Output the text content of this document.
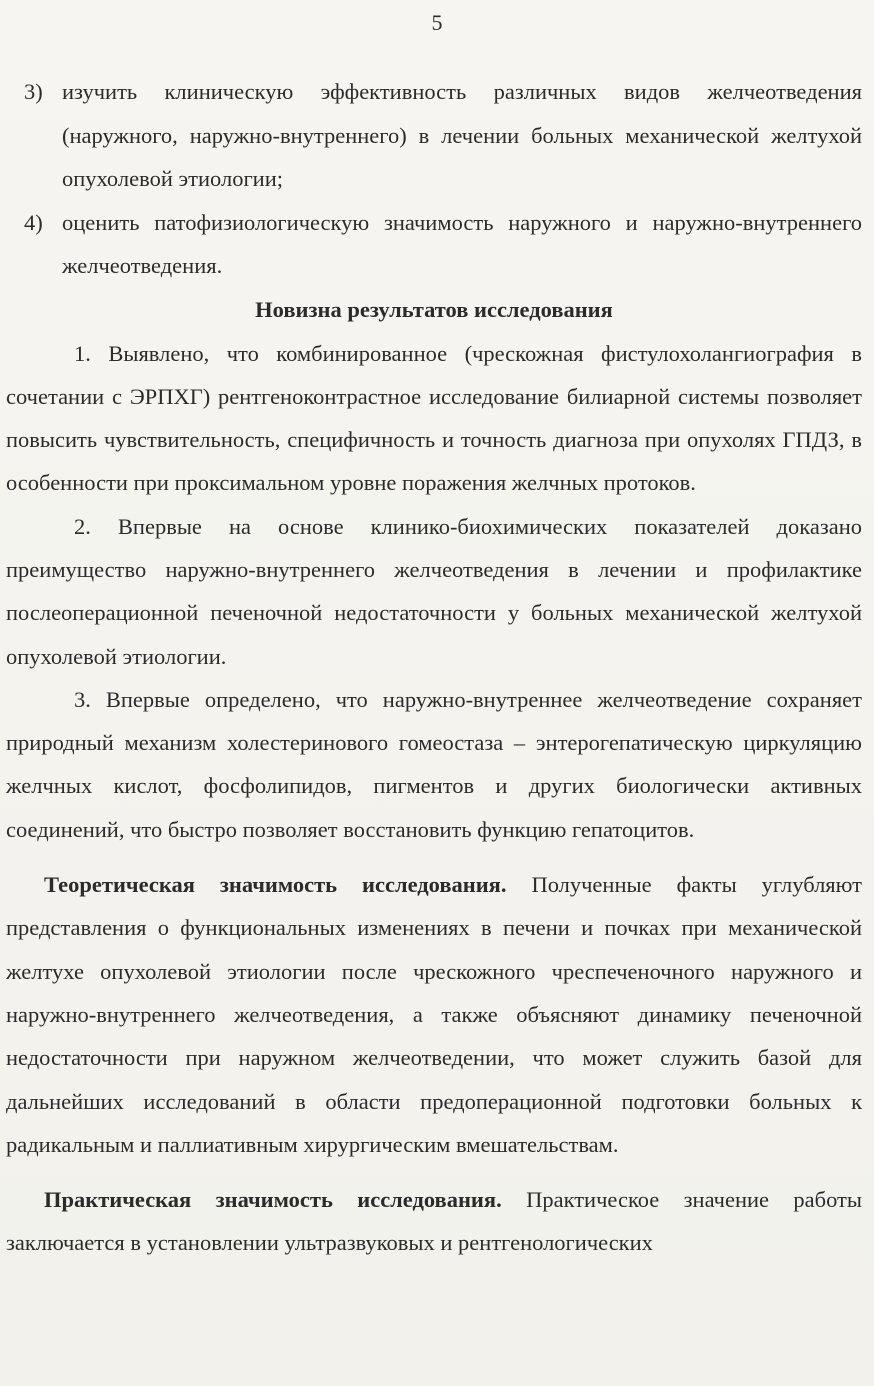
5
3) изучить клиническую эффективность различных видов желчеотведения (наружного, наружно-внутреннего) в лечении больных механической желтухой опухолевой этиологии;
4) оценить патофизиологическую значимость наружного и наружно-внутреннего желчеотведения.

Новизна результатов исследования

1. Выявлено, что комбинированное (чрескожная фистулохолангиография в сочетании с ЭРПХГ) рентгеноконтрастное исследование билиарной системы позволяет повысить чувствительность, специфичность и точность диагноза при опухолях ГПДЗ, в особенности при проксимальном уровне поражения желчных протоков.

2. Впервые на основе клинико-биохимических показателей доказано преимущество наружно-внутреннего желчеотведения в лечении и профилактике послеоперационной печеночной недостаточности у больных механической желтухой опухолевой этиологии.

3. Впервые определено, что наружно-внутреннее желчеотведение сохраняет природный механизм холестеринового гомеостаза – энтерогепатическую циркуляцию желчных кислот, фосфолипидов, пигментов и других биологически активных соединений, что быстро позволяет восстановить функцию гепатоцитов.

Теоретическая значимость исследования. Полученные факты углубляют представления о функциональных изменениях в печени и почках при механической желтухе опухолевой этиологии после чрескожного чреспеченочного наружного и наружно-внутреннего желчеотведения, а также объясняют динамику печеночной недостаточности при наружном желчеотведении, что может служить базой для дальнейших исследований в области предоперационной подготовки больных к радикальным и паллиативным хирургическим вмешательствам.

Практическая значимость исследования. Практическое значение работы заключается в установлении ультразвуковых и рентгенологических
